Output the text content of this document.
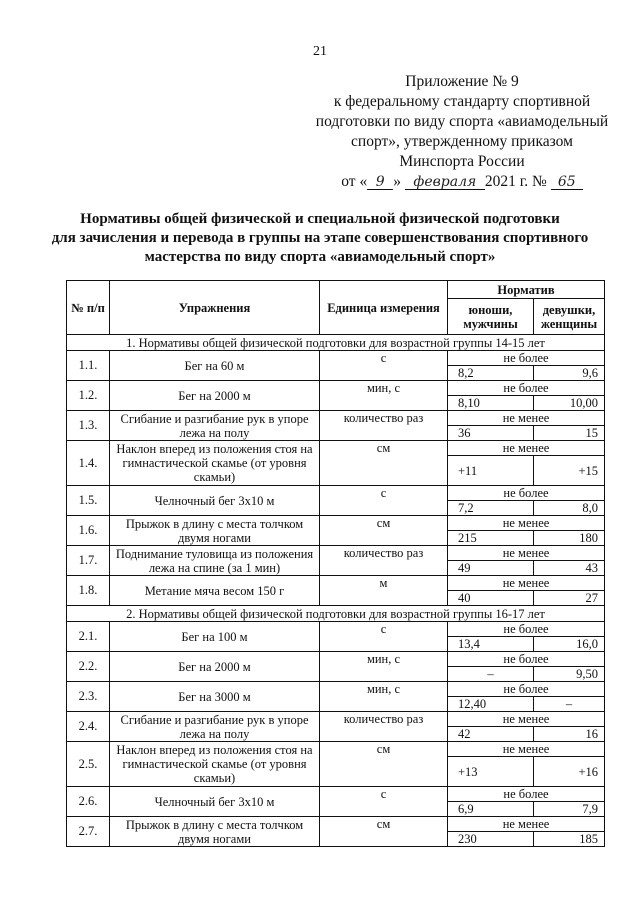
21
Приложение № 9
к федеральному стандарту спортивной
подготовки по виду спорта «авиамодельный
спорт», утвержденному приказом
Минспорта России
от « 9 » февраля 2021 г. № 65
Нормативы общей физической и специальной физической подготовки
для зачисления и перевода в группы на этапе совершенствования спортивного
мастерства по виду спорта «авиамодельный спорт»
№ п/п	Упражнения	Единица измерения	Норматив	
			юноши, мужчины	девушки, женщины
1. Нормативы общей физической подготовки для возрастной группы 14-15 лет				
1.1.	Бег на 60 м	с	не более	
			8,2	9,6
1.2.	Бег на 2000 м	мин, с	не более	
			8,10	10,00
1.3.	Сгибание и разгибание рук в упоре лежа на полу	количество раз	не менее	
			36	15
1.4.	Наклон вперед из положения стоя на гимнастической скамье (от уровня скамьи)	см	не менее	
			+11	+15
1.5.	Челночный бег 3х10 м	с	не более	
			7,2	8,0
1.6.	Прыжок в длину с места толчком двумя ногами	см	не менее	
			215	180
1.7.	Поднимание туловища из положения лежа на спине (за 1 мин)	количество раз	не менее	
			49	43
1.8.	Метание мяча весом 150 г	м	не менее	
			40	27
2. Нормативы общей физической подготовки для возрастной группы 16-17 лет				
2.1.	Бег на 100 м	с	не более	
			13,4	16,0
2.2.	Бег на 2000 м	мин, с	не более	
			–	9,50
2.3.	Бег на 3000 м	мин, с	не более	
			12,40	–
2.4.	Сгибание и разгибание рук в упоре лежа на полу	количество раз	не менее	
			42	16
2.5.	Наклон вперед из положения стоя на гимнастической скамье (от уровня скамьи)	см	не менее	
			+13	+16
2.6.	Челночный бег 3х10 м	с	не более	
			6,9	7,9
2.7.	Прыжок в длину с места толчком двумя ногами	см	не менее	
			230	185
